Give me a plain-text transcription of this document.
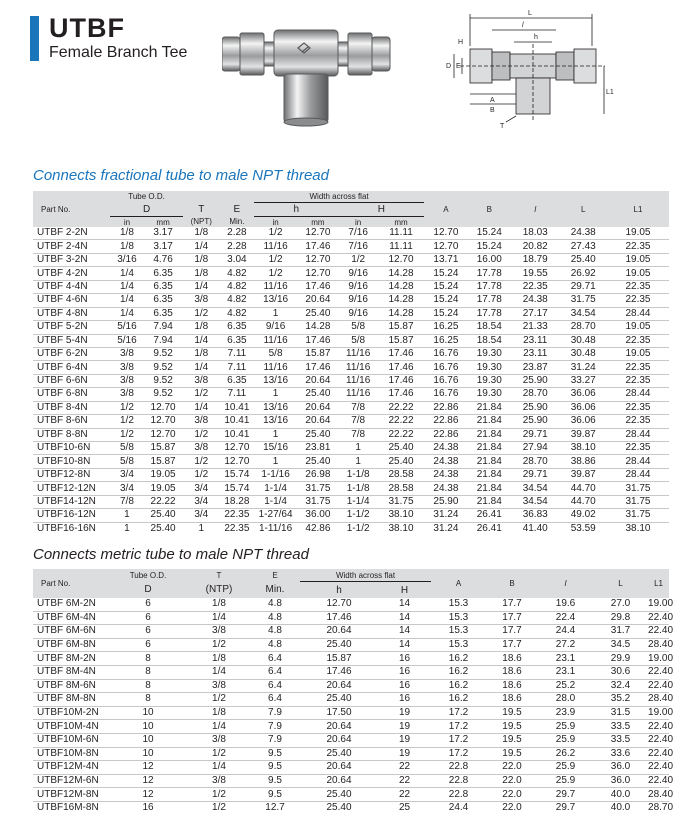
UTBF
Female Branch Tee
L
l
h
H
E
D
A
B
T
L1
Connects fractional tube to male NPT thread
Part No.	Tube O.D.				Width across flat				A	B	l	L	L1
	D		T	E	h		H						
	in	mm	(NPT)	Min.	in	mm	in	mm					
UTBF 2-2N	1/8	3.17	1/8	2.28	1/2	12.70	7/16	11.11	12.70	15.24	18.03	24.38	19.05
UTBF 2-4N	1/8	3.17	1/4	2.28	11/16	17.46	7/16	11.11	12.70	15.24	20.82	27.43	22.35
UTBF 3-2N	3/16	4.76	1/8	3.04	1/2	12.70	1/2	12.70	13.71	16.00	18.79	25.40	19.05
UTBF 4-2N	1/4	6.35	1/8	4.82	1/2	12.70	9/16	14.28	15.24	17.78	19.55	26.92	19.05
UTBF 4-4N	1/4	6.35	1/4	4.82	11/16	17.46	9/16	14.28	15.24	17.78	22.35	29.71	22.35
UTBF 4-6N	1/4	6.35	3/8	4.82	13/16	20.64	9/16	14.28	15.24	17.78	24.38	31.75	22.35
UTBF 4-8N	1/4	6.35	1/2	4.82	1	25.40	9/16	14.28	15.24	17.78	27.17	34.54	28.44
UTBF 5-2N	5/16	7.94	1/8	6.35	9/16	14.28	5/8	15.87	16.25	18.54	21.33	28.70	19.05
UTBF 5-4N	5/16	7.94	1/4	6.35	11/16	17.46	5/8	15.87	16.25	18.54	23.11	30.48	22.35
UTBF 6-2N	3/8	9.52	1/8	7.11	5/8	15.87	11/16	17.46	16.76	19.30	23.11	30.48	19.05
UTBF 6-4N	3/8	9.52	1/4	7.11	11/16	17.46	11/16	17.46	16.76	19.30	23.87	31.24	22.35
UTBF 6-6N	3/8	9.52	3/8	6.35	13/16	20.64	11/16	17.46	16.76	19.30	25.90	33.27	22.35
UTBF 6-8N	3/8	9.52	1/2	7.11	1	25.40	11/16	17.46	16.76	19.30	28.70	36.06	28.44
UTBF 8-4N	1/2	12.70	1/4	10.41	13/16	20.64	7/8	22.22	22.86	21.84	25.90	36.06	22.35
UTBF 8-6N	1/2	12.70	3/8	10.41	13/16	20.64	7/8	22.22	22.86	21.84	25.90	36.06	22.35
UTBF 8-8N	1/2	12.70	1/2	10.41	1	25.40	7/8	22.22	22.86	21.84	29.71	39.87	28.44
UTBF10-6N	5/8	15.87	3/8	12.70	15/16	23.81	1	25.40	24.38	21.84	27.94	38.10	22.35
UTBF10-8N	5/8	15.87	1/2	12.70	1	25.40	1	25.40	24.38	21.84	28.70	38.86	28.44
UTBF12-8N	3/4	19.05	1/2	15.74	1-1/16	26.98	1-1/8	28.58	24.38	21.84	29.71	39.87	28.44
UTBF12-12N	3/4	19.05	3/4	15.74	1-1/4	31.75	1-1/8	28.58	24.38	21.84	34.54	44.70	31.75
UTBF14-12N	7/8	22.22	3/4	18.28	1-1/4	31.75	1-1/4	31.75	25.90	21.84	34.54	44.70	31.75
UTBF16-12N	1	25.40	3/4	22.35	1-27/64	36.00	1-1/2	38.10	31.24	26.41	36.83	49.02	31.75
UTBF16-16N	1	25.40	1	22.35	1-11/16	42.86	1-1/2	38.10	31.24	26.41	41.40	53.59	38.10
Connects metric tube to male NPT thread
Part No.	Tube O.D.	T	E	Width across flat		A	B	l	L	L1
	D	(NTP)	Min.	h	H					
UTBF 6M-2N	6	1/8	4.8	12.70	14	15.3	17.7	19.6	27.0	19.00
UTBF 6M-4N	6	1/4	4.8	17.46	14	15.3	17.7	22.4	29.8	22.40
UTBF 6M-6N	6	3/8	4.8	20.64	14	15.3	17.7	24.4	31.7	22.40
UTBF 6M-8N	6	1/2	4.8	25.40	14	15.3	17.7	27.2	34.5	28.40
UTBF 8M-2N	8	1/8	6.4	15.87	16	16.2	18.6	23.1	29.9	19.00
UTBF 8M-4N	8	1/4	6.4	17.46	16	16.2	18.6	23.1	30.6	22.40
UTBF 8M-6N	8	3/8	6.4	20.64	16	16.2	18.6	25.2	32.4	22.40
UTBF 8M-8N	8	1/2	6.4	25.40	16	16.2	18.6	28.0	35.2	28.40
UTBF10M-2N	10	1/8	7.9	17.50	19	17.2	19.5	23.9	31.5	19.00
UTBF10M-4N	10	1/4	7.9	20.64	19	17.2	19.5	25.9	33.5	22.40
UTBF10M-6N	10	3/8	7.9	20.64	19	17.2	19.5	25.9	33.5	22.40
UTBF10M-8N	10	1/2	9.5	25.40	19	17.2	19.5	26.2	33.6	22.40
UTBF12M-4N	12	1/4	9.5	20.64	22	22.8	22.0	25.9	36.0	22.40
UTBF12M-6N	12	3/8	9.5	20.64	22	22.8	22.0	25.9	36.0	22.40
UTBF12M-8N	12	1/2	9.5	25.40	22	22.8	22.0	29.7	40.0	28.40
UTBF16M-8N	16	1/2	12.7	25.40	25	24.4	22.0	29.7	40.0	28.70
